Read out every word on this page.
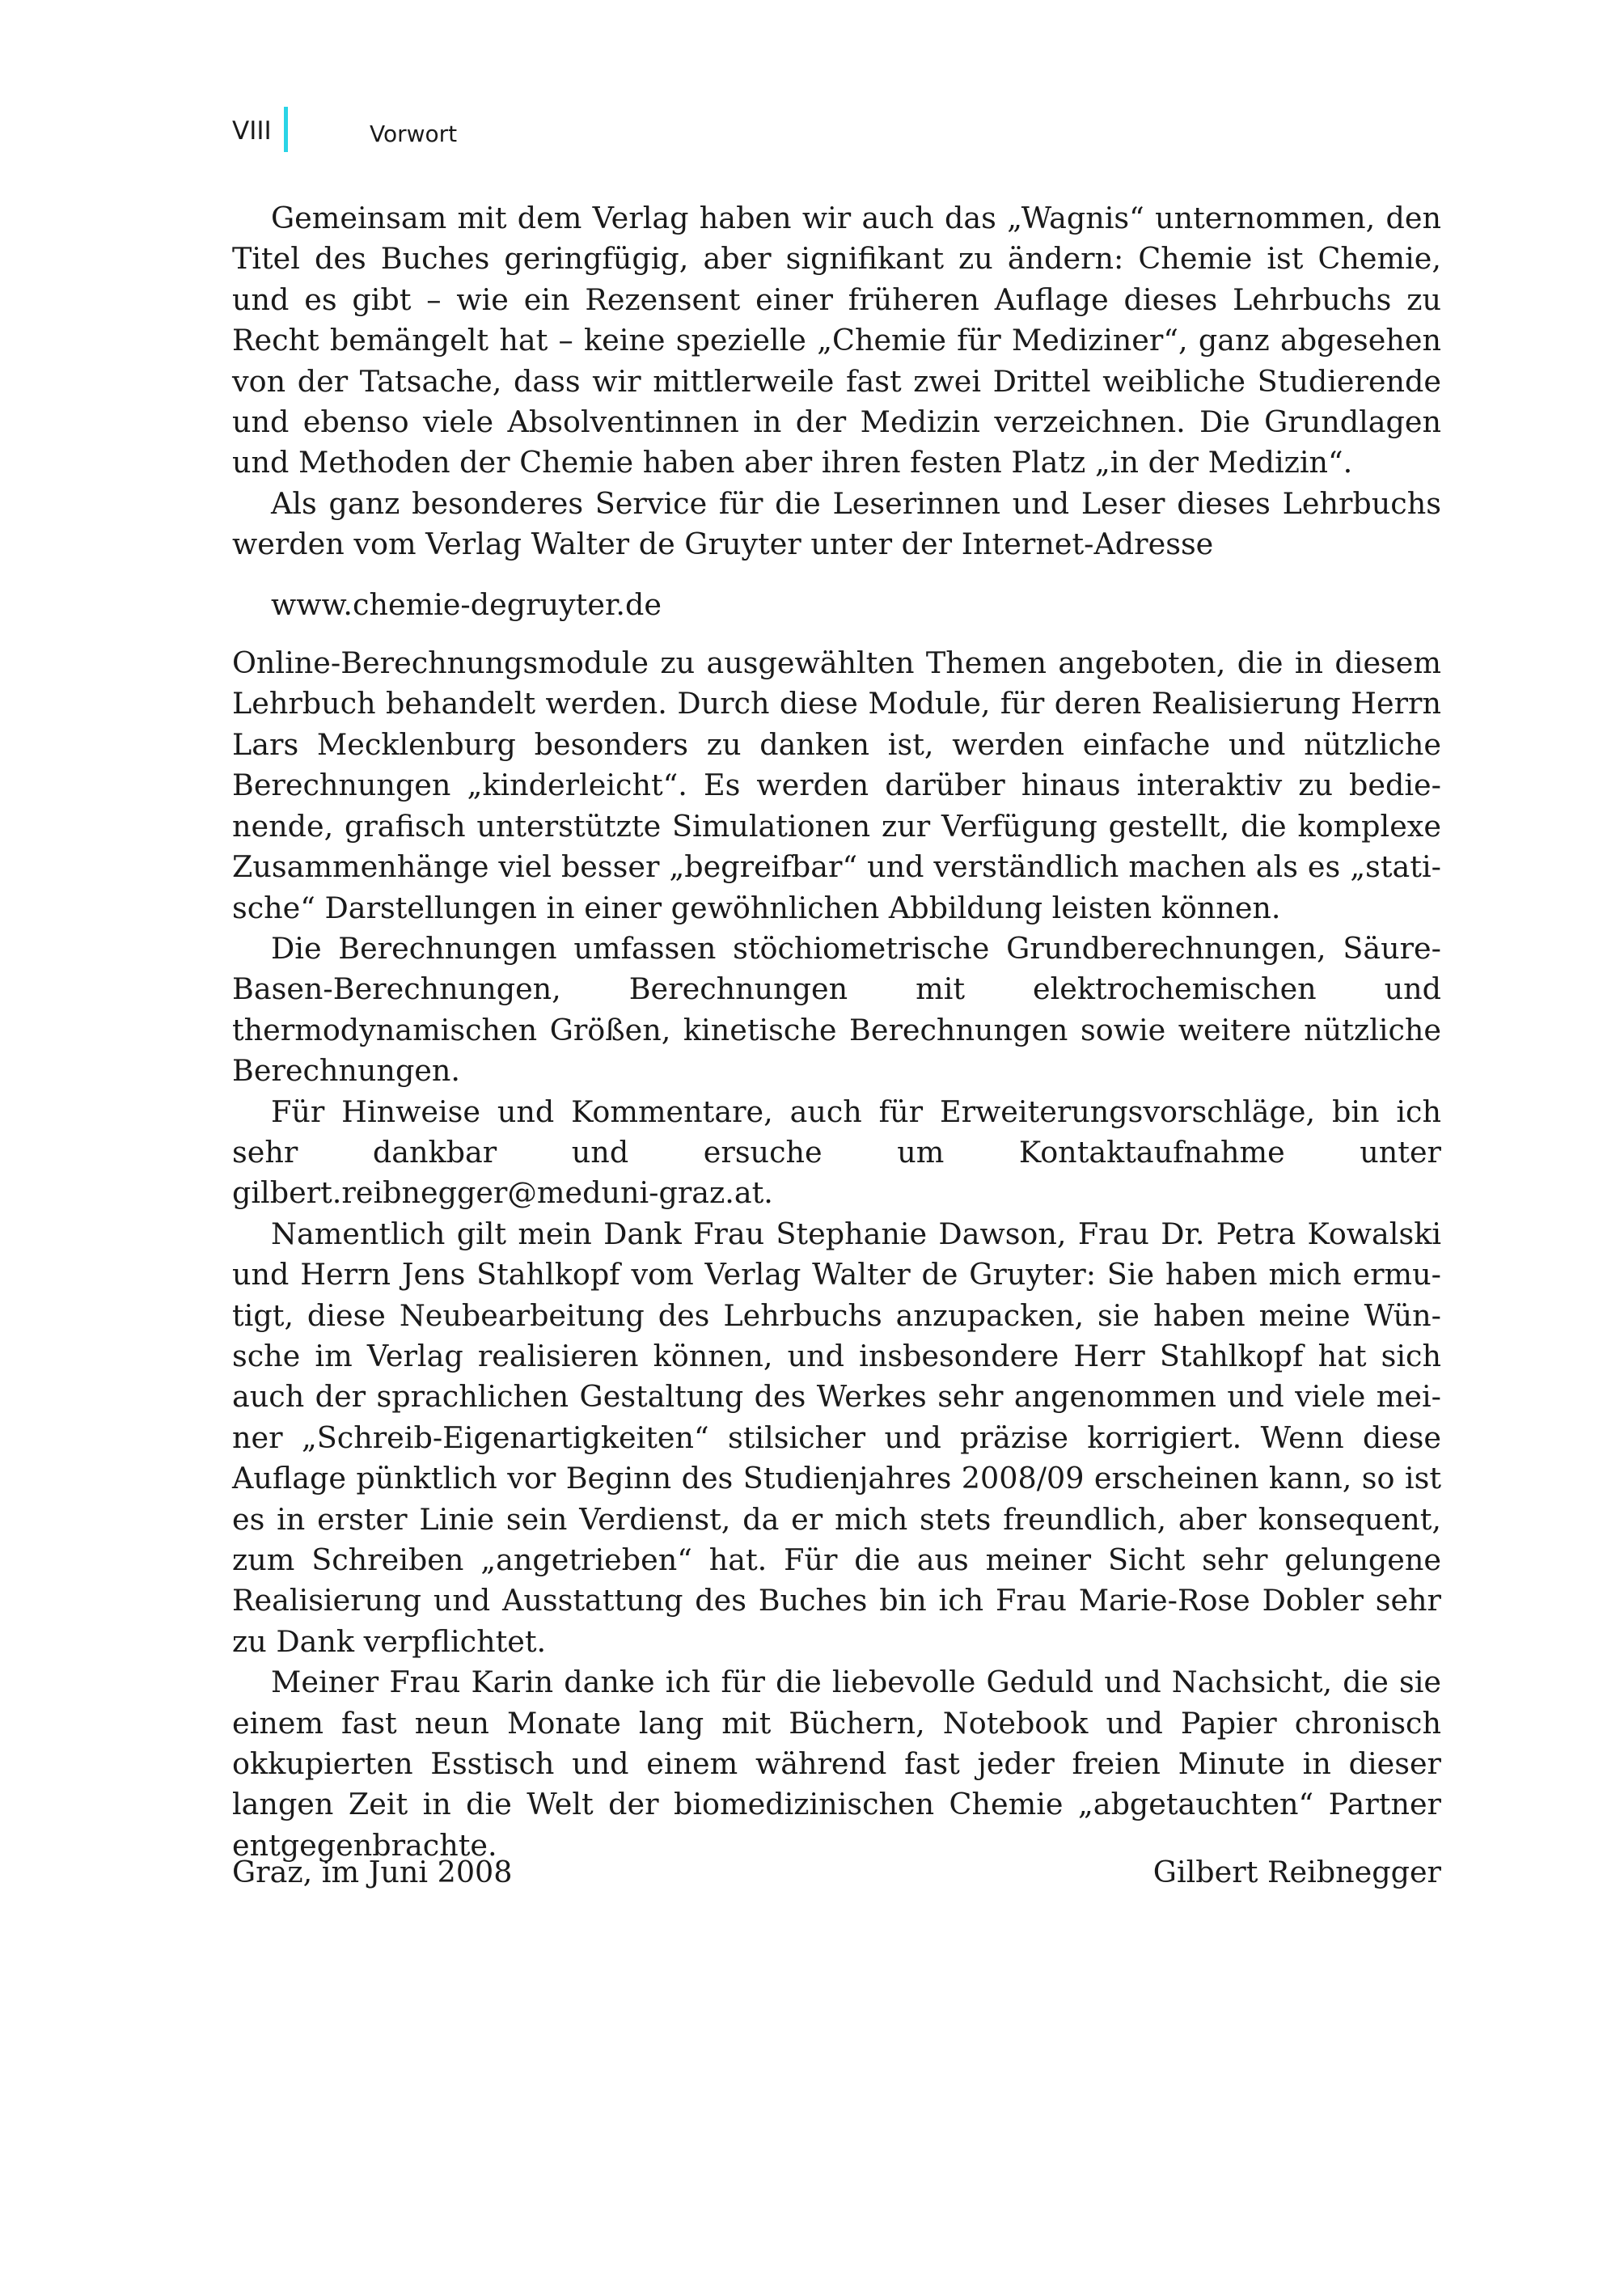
VIII	Vorwort

Gemeinsam mit dem Verlag haben wir auch das „Wagnis“ unternommen, den Titel des Buches geringfügig, aber signifikant zu ändern: Chemie ist Chemie, und es gibt – wie ein Rezensent einer früheren Auflage dieses Lehrbuchs zu Recht bemängelt hat – keine spezielle „Chemie für Mediziner“, ganz abgesehen von der Tatsache, dass wir mittlerweile fast zwei Drittel weibliche Studierende und ebenso viele Absolventinnen in der Medizin verzeichnen. Die Grundlagen und Methoden der Chemie haben aber ihren festen Platz „in der Medizin“.

Als ganz besonderes Service für die Leserinnen und Leser dieses Lehrbuchs werden vom Verlag Walter de Gruyter unter der Internet-Adresse

www.chemie-degruyter.de

Online-Berechnungsmodule zu ausgewählten Themen angeboten, die in diesem Lehrbuch behandelt werden. Durch diese Module, für deren Realisierung Herrn Lars Mecklenburg besonders zu danken ist, werden einfache und nützliche Berechnungen „kinderleicht“. Es werden darüber hinaus interaktiv zu bedienende, grafisch unterstützte Simulationen zur Verfügung gestellt, die komplexe Zusammenhänge viel besser „begreifbar“ und verständlich machen als es „statische“ Darstellungen in einer gewöhnlichen Abbildung leisten können.

Die Berechnungen umfassen stöchiometrische Grundberechnungen, Säure-Basen-Berechnungen, Berechnungen mit elektrochemischen und thermodynamischen Größen, kinetische Berechnungen sowie weitere nützliche Berechnungen.

Für Hinweise und Kommentare, auch für Erweiterungsvorschläge, bin ich sehr dankbar und ersuche um Kontaktaufnahme unter gilbert.reibnegger@meduni-graz.at.

Namentlich gilt mein Dank Frau Stephanie Dawson, Frau Dr. Petra Kowalski und Herrn Jens Stahlkopf vom Verlag Walter de Gruyter: Sie haben mich ermutigt, diese Neubearbeitung des Lehrbuchs anzupacken, sie haben meine Wünsche im Verlag realisieren können, und insbesondere Herr Stahlkopf hat sich auch der sprachlichen Gestaltung des Werkes sehr angenommen und viele meiner „Schreib-Eigenartigkeiten“ stilsicher und präzise korrigiert. Wenn diese Auflage pünktlich vor Beginn des Studienjahres 2008/09 erscheinen kann, so ist es in erster Linie sein Verdienst, da er mich stets freundlich, aber konsequent, zum Schreiben „angetrieben“ hat. Für die aus meiner Sicht sehr gelungene Realisierung und Ausstattung des Buches bin ich Frau Marie-Rose Dobler sehr zu Dank verpflichtet.

Meiner Frau Karin danke ich für die liebevolle Geduld und Nachsicht, die sie einem fast neun Monate lang mit Büchern, Notebook und Papier chronisch okkupierten Esstisch und einem während fast jeder freien Minute in dieser langen Zeit in die Welt der biomedizinischen Chemie „abgetauchten“ Partner entgegenbrachte.

Graz, im Juni 2008	Gilbert Reibnegger
